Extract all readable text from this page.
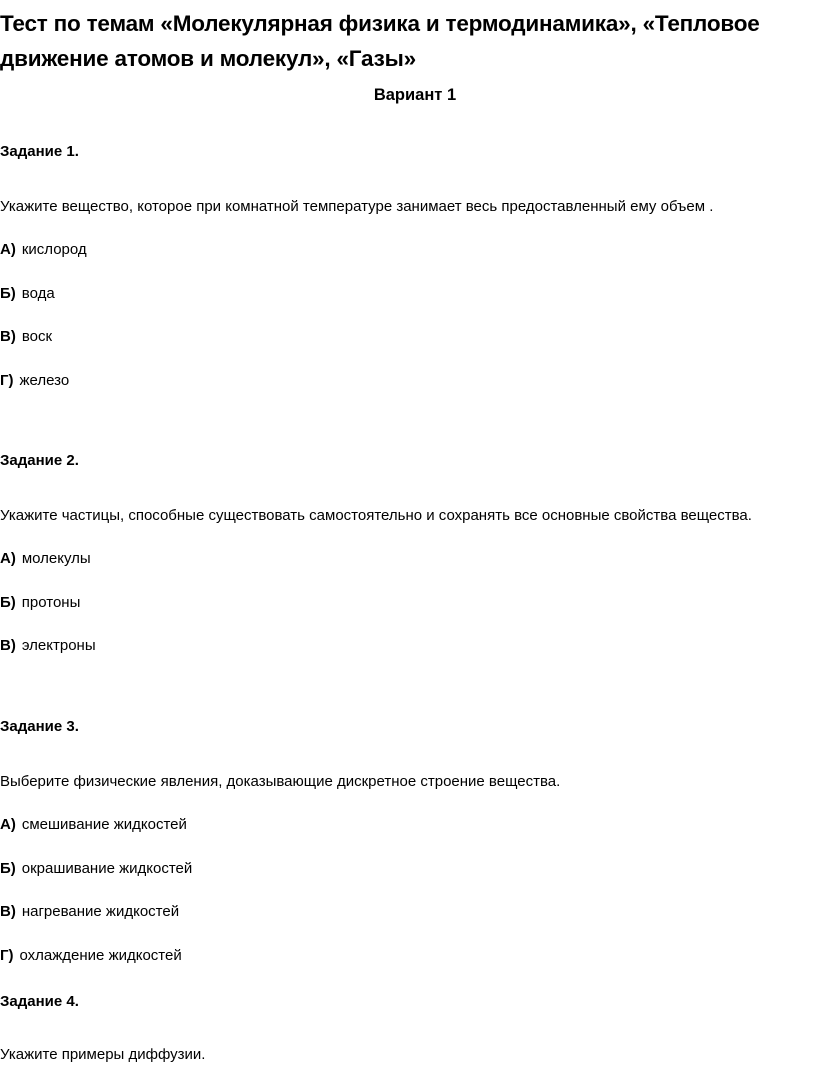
Тест по темам «Молекулярная физика и термодинамика», «Тепловое
движение атомов и молекул», «Газы»

Вариант 1

Задание 1.

Укажите вещество, которое при комнатной температуре занимает весь предоставленный ему объем .

А) кислород

Б) вода

В) воск

Г) железо

Задание 2.

Укажите частицы, способные существовать самостоятельно и сохранять все основные свойства вещества.

А) молекулы

Б) протоны

В) электроны

Задание 3.

Выберите физические явления, доказывающие дискретное строение вещества.

А) смешивание жидкостей

Б) окрашивание жидкостей

В) нагревание жидкостей

Г) охлаждение жидкостей

Задание 4.

Укажите примеры диффузии.
